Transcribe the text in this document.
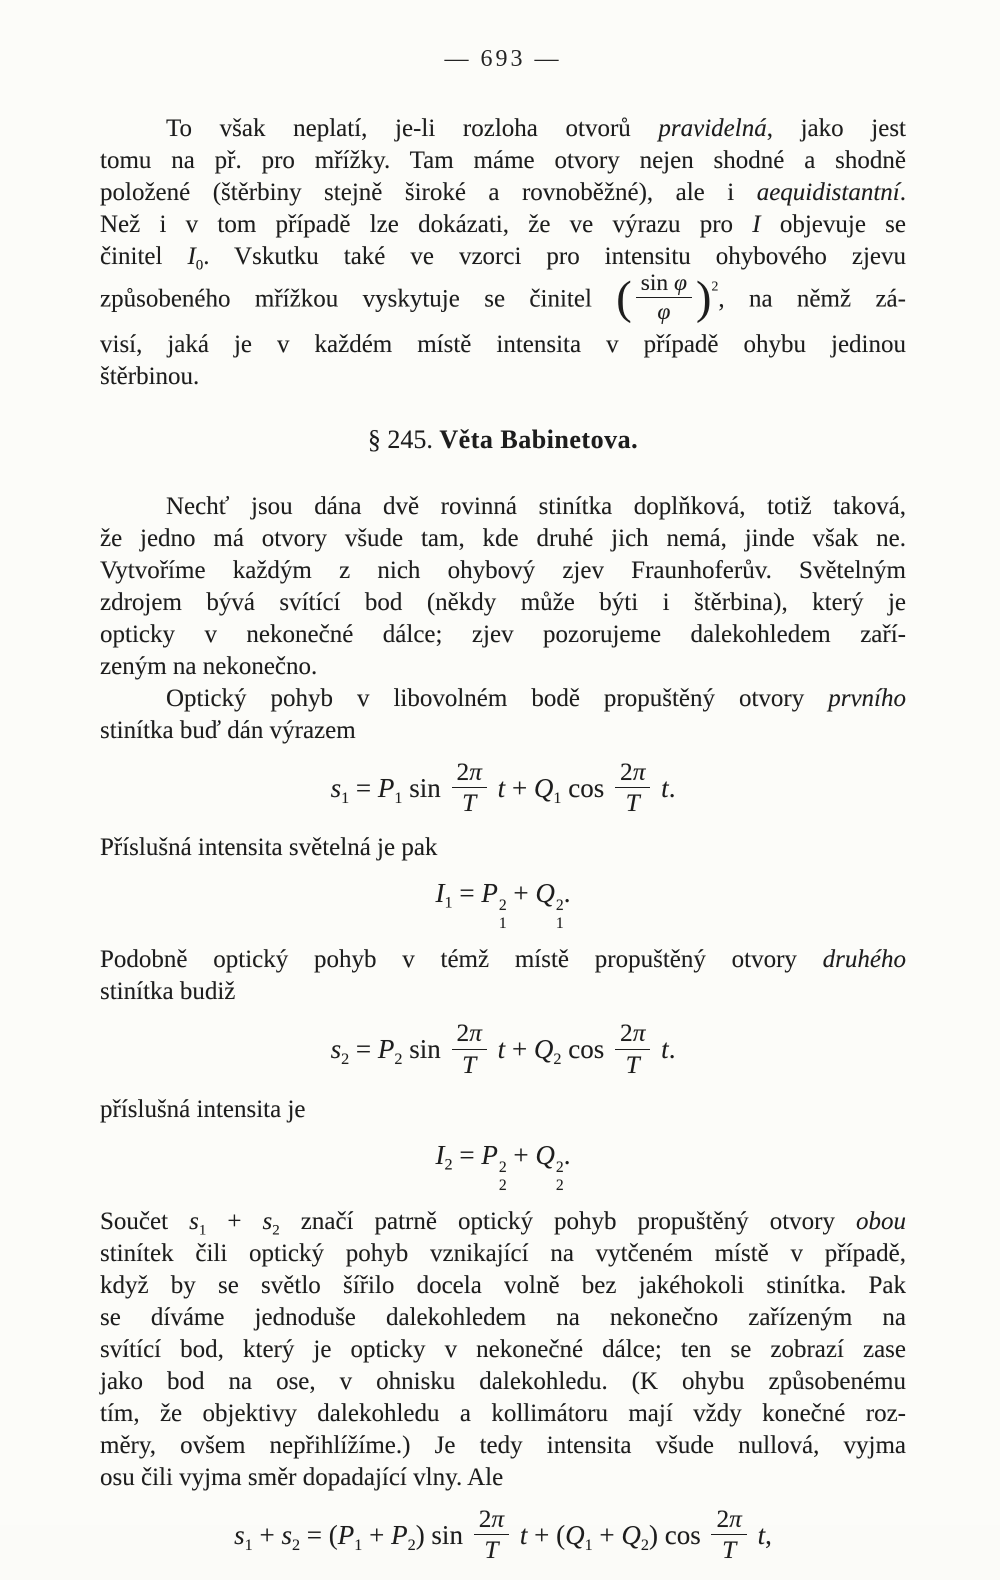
— 693 —
To však neplatí, je-li rozloha otvorů pravidelná, jako jest
tomu na př. pro mřížky. Tam máme otvory nejen shodné a shodně
položené (štěrbiny stejně široké a rovnoběžné), ale i aequidistantní.
Než i v tom případě lze dokázati, že ve výrazu pro I objevuje se
činitel $I_0$. Vskutku také ve vzorci pro intensitu ohybového zjevu
způsobeného mřížkou vyskytuje se činitel ( $\frac{\text{sin φ}}{\varphi} )^2$, na němž zá-
visí, jaká je v každém místě intensita v případě ohybu jedinou
štěrbinou.
§ 245. Věta Babinetova.
Nechť jsou dána dvě rovinná stinítka doplňková, totiž taková,
že jedno má otvory všude tam, kde druhé jich nemá, jinde však ne.
Vytvoříme každým z nich ohybový zjev Fraunhoferův. Světelným
zdrojem bývá svítící bod (někdy může býti i štěrbina), který je
opticky v nekonečné dálce; zjev pozorujeme dalekohledem zaří-
zeným na nekonečno.
Optický pohyb v libovolném bodě propuštěný otvory prvního
stinítka buď dán výrazem
$s_1 = P_1$ $\sin \frac{2\pi}{T}$ $t + Q_1$ $\cos \frac{2\pi}{T} t$.
Příslušná intensita světelná je pak
$I_1 = P$ 2
1
+ Q 2
1
.
Podobně optický pohyb v témž místě propuštěný otvory druhého
stinítka budiž
$s_2 = P_2$ $\sin \frac{2\pi}{T}$ $t + Q_2$ $\cos \frac{2\pi}{T} t$.
příslušná intensita je
$I_2 = P$ 2
2
+ Q 2
2
.
Součet $s_1 + s_2$ značí patrně optický pohyb propuštěný otvory obou
stinítek čili optický pohyb vznikající na vytčeném místě v případě,
když by se světlo šířilo docela volně bez jakéhokoli stinítka. Pak
se díváme jednoduše dalekohledem na nekonečno zařízeným na
svítící bod, který je opticky v nekonečné dálce; ten se zobrazí zase
jako bod na ose, v ohnisku dalekohledu. (K ohybu způsobenému
tím, že objektivy dalekohledu a kollimátoru mají vždy konečné roz-
měry, ovšem nepřihlížíme.) Je tedy intensita všude nullová, vyjma
osu čili vyjma směr dopadající vlny. Ale
$s_1 + s_2 = (P_1 + P_2)$ $\sin \frac{2\pi}{T}$ $t + (Q_1 + Q_2)$ $\cos \frac{2\pi}{T} t$,
